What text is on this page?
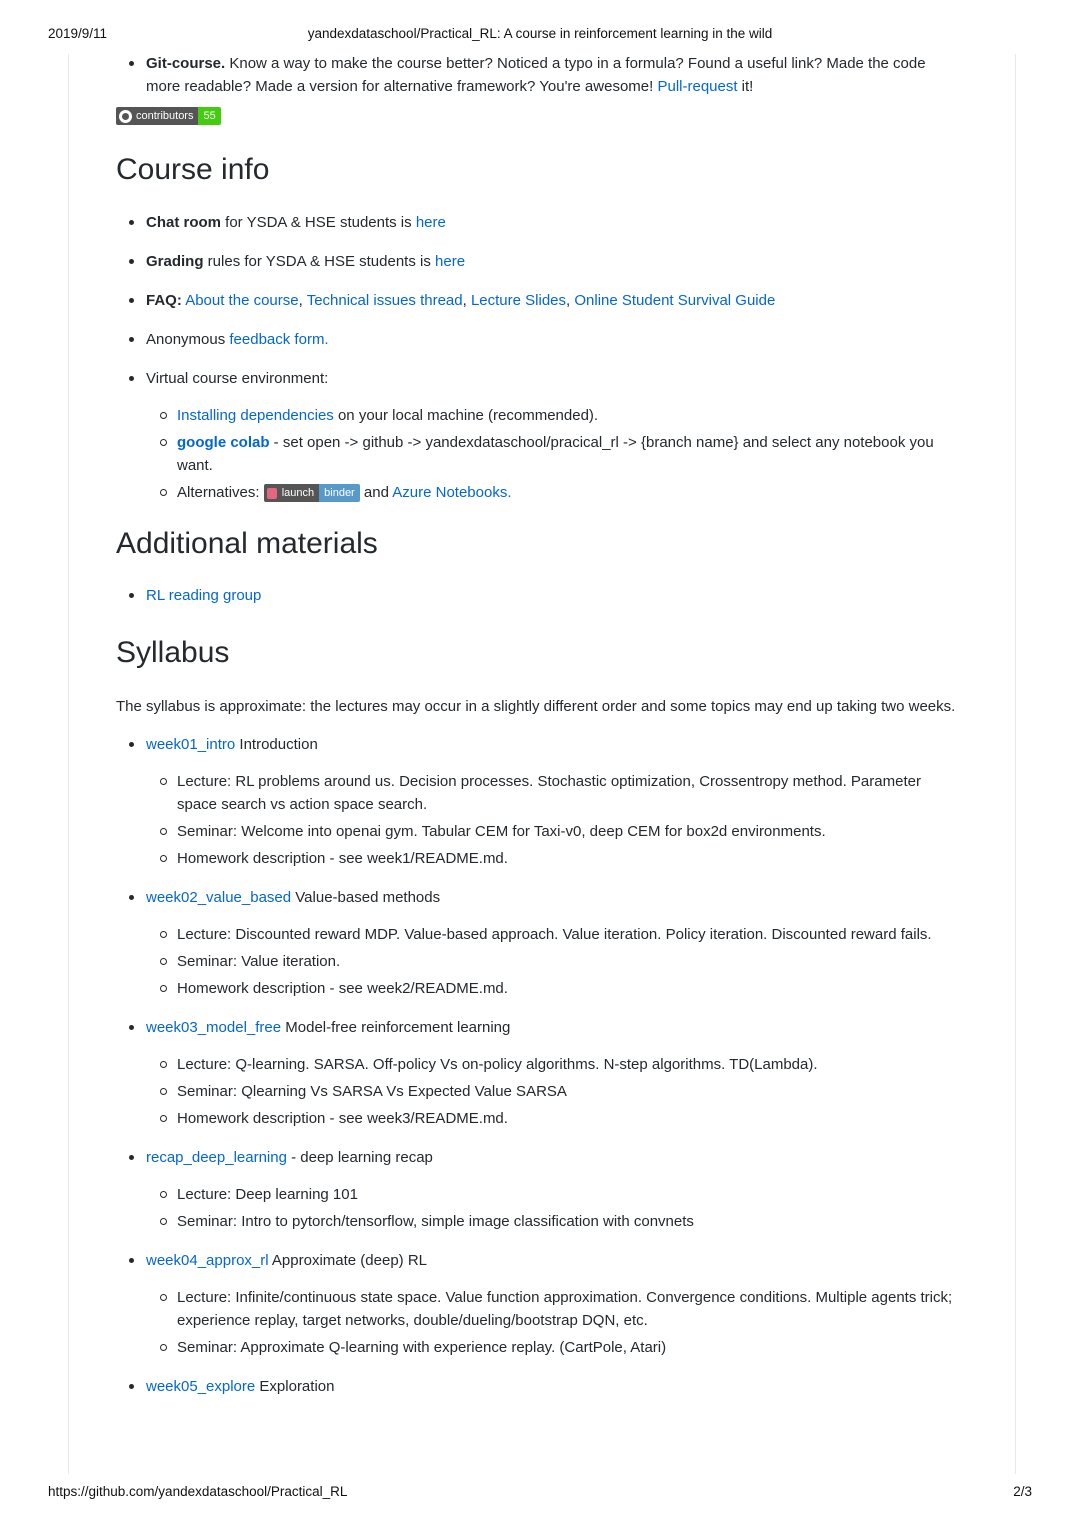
2019/9/11	yandexdataschool/Practical_RL: A course in reinforcement learning in the wild
Git-course. Know a way to make the course better? Noticed a typo in a formula? Found a useful link? Made the code more readable? Made a version for alternative framework? You're awesome! Pull-request it!
contributors 55
Course info
Chat room for YSDA & HSE students is here
Grading rules for YSDA & HSE students is here
FAQ: About the course, Technical issues thread, Lecture Slides, Online Student Survival Guide
Anonymous feedback form.
Virtual course environment:
Installing dependencies on your local machine (recommended).
google colab - set open -> github -> yandexdataschool/pracical_rl -> {branch name} and select any notebook you want.
Alternatives: launch binder and Azure Notebooks.
Additional materials
RL reading group
Syllabus

The syllabus is approximate: the lectures may occur in a slightly different order and some topics may end up taking two weeks.

week01_intro Introduction
Lecture: RL problems around us. Decision processes. Stochastic optimization, Crossentropy method. Parameter space search vs action space search.
Seminar: Welcome into openai gym. Tabular CEM for Taxi-v0, deep CEM for box2d environments.
Homework description - see week1/README.md.
week02_value_based Value-based methods
Lecture: Discounted reward MDP. Value-based approach. Value iteration. Policy iteration. Discounted reward fails.
Seminar: Value iteration.
Homework description - see week2/README.md.
week03_model_free Model-free reinforcement learning
Lecture: Q-learning. SARSA. Off-policy Vs on-policy algorithms. N-step algorithms. TD(Lambda).
Seminar: Qlearning Vs SARSA Vs Expected Value SARSA
Homework description - see week3/README.md.
recap_deep_learning - deep learning recap
Lecture: Deep learning 101
Seminar: Intro to pytorch/tensorflow, simple image classification with convnets
week04_approx_rl Approximate (deep) RL
Lecture: Infinite/continuous state space. Value function approximation. Convergence conditions. Multiple agents trick; experience replay, target networks, double/dueling/bootstrap DQN, etc.
Seminar: Approximate Q-learning with experience replay. (CartPole, Atari)
week05_explore Exploration
https://github.com/yandexdataschool/Practical_RL	2/3
